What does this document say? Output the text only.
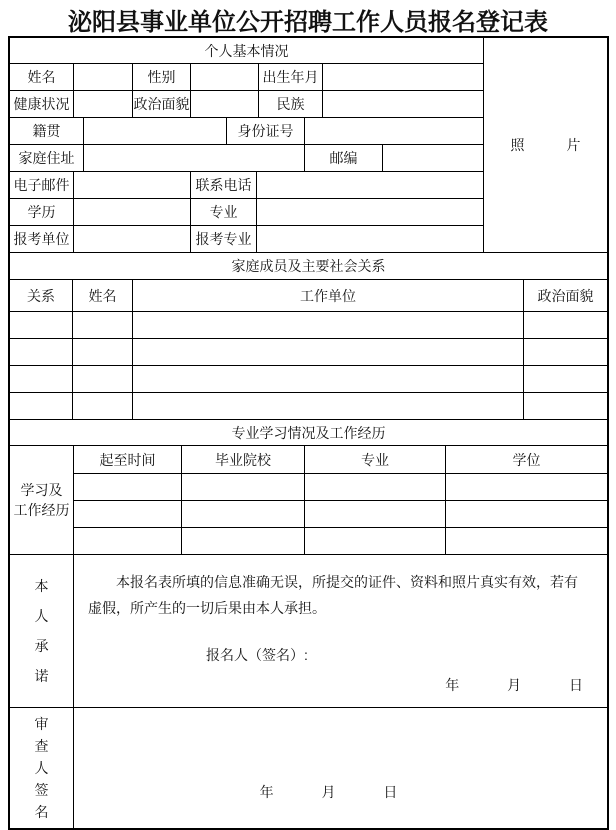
泌阳县事业单位公开招聘工作人员报名登记表
个人基本情况
姓名	性别	出生年月
健康状况	政治面貌	民族
籍贯	身份证号
家庭住址	邮编
电子邮件	联系电话
学历	专业
报考单位	报考专业
照　　　片
家庭成员及主要社会关系
关系	姓名	工作单位	政治面貌
专业学习情况及工作经历
学习及
工作经历
起至时间	毕业院校	专业	学位
本人承诺
本报名表所填的信息准确无误，所提交的证件、资料和照片真实有效，若有虚假，所产生的一切后果由本人承担。
报名人（签名）:
年	月	日
审查人签名
年	月	日
